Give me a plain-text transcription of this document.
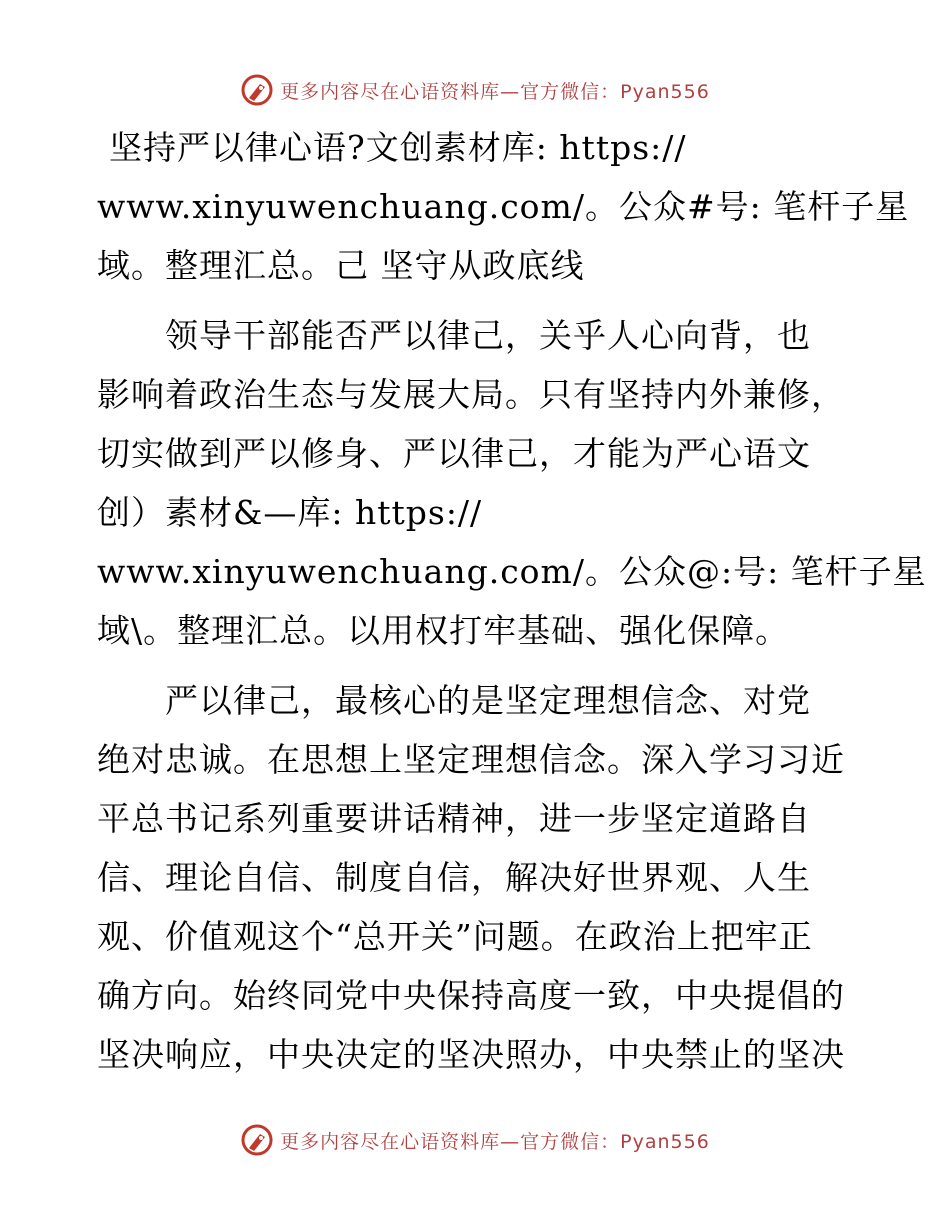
更多内容尽在心语资料库—官方微信：Pyan556
坚持严以律心语?文创素材库: https://
www.xinyuwenchuang.com/。公众#号: 笔杆子星
域。整理汇总。己 坚守从政底线
　　领导干部能否严以律己，关乎人心向背，也
影响着政治生态与发展大局。只有坚持内外兼修，
切实做到严以修身、严以律己，才能为严心语文
创）素材&—库: https://
www.xinyuwenchuang.com/。公众@:号: 笔杆子星
域\。整理汇总。以用权打牢基础、强化保障。
　　严以律己，最核心的是坚定理想信念、对党
绝对忠诚。在思想上坚定理想信念。深入学习习近
平总书记系列重要讲话精神，进一步坚定道路自
信、理论自信、制度自信，解决好世界观、人生
观、价值观这个“总开关”问题。在政治上把牢正
确方向。始终同党中央保持高度一致，中央提倡的
坚决响应，中央决定的坚决照办，中央禁止的坚决
更多内容尽在心语资料库—官方微信：Pyan556
